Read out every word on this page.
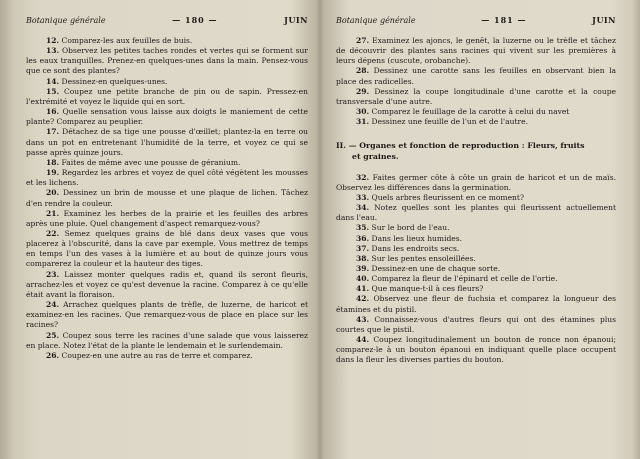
Botanique générale	— 180 —	JUIN

12. Comparez-les aux feuilles de buis.

13. Observez les petites taches rondes et vertes qui se forment sur les eaux tranquilles. Prenez-en quelques-unes dans la main. Pensez-vous que ce sont des plantes?

14. Dessinez-en quelques-unes.

15. Coupez une petite branche de pin ou de sapin. Pressez-en l'extrémité et voyez le liquide qui en sort.

16. Quelle sensation vous laisse aux doigts le maniement de cette plante? Comparez au peuplier.

17. Détachez de sa tige une pousse d'œillet; plantez-la en terre ou dans un pot en entretenant l'humidité de la terre, et voyez ce qui se passe après quinze jours.

18. Faites de même avec une pousse de géranium.

19. Regardez les arbres et voyez de quel côté végètent les mousses et les lichens.

20. Dessinez un brin de mousse et une plaque de lichen. Tâchez d'en rendre la couleur.

21. Examinez les herbes de la prairie et les feuilles des arbres après une pluie. Quel changement d'aspect remarquez-vous?

22. Semez quelques grains de blé dans deux vases que vous placerez à l'obscurité, dans la cave par exemple. Vous mettrez de temps en temps l'un des vases à la lumière et au bout de quinze jours vous comparerez la couleur et la hauteur des tiges.

23. Laissez monter quelques radis et, quand ils seront fleuris, arrachez-les et voyez ce qu'est devenue la racine. Comparez à ce qu'elle était avant la floraison.

24. Arrachez quelques plants de trèfle, de luzerne, de haricot et examinez-en les racines. Que remarquez-vous de place en place sur les racines?

25. Coupez sous terre les racines d'une salade que vous laisserez en place. Notez l'état de la plante le lendemain et le surlendemain.

26. Coupez-en une autre au ras de terre et comparez.

Botanique générale	— 181 —	JUIN

27. Examinez les ajoncs, le genêt, la luzerne ou le trèfle et tâchez de découvrir des plantes sans racines qui vivent sur les premières à leurs dépens (cuscute, orobanche).

28. Dessinez une carotte sans les feuilles en observant bien la place des radicelles.

29. Dessinez la coupe longitudinale d'une carotte et la coupe transversale d'une autre.

30. Comparez le feuillage de la carotte à celui du navet

31. Dessinez une feuille de l'un et de l'autre.

II. — Organes et fonction de reproduction : Fleurs, fruits
et graines.

32. Faites germer côte à côte un grain de haricot et un de maïs. Observez les différences dans la germination.

33. Quels arbres fleurissent en ce moment?

34. Notez quelles sont les plantes qui fleurissent actuellement dans l'eau.

35. Sur le bord de l'eau.

36. Dans les lieux humides.

37. Dans les endroits secs.

38. Sur les pentes ensoleillées.

39. Dessinez-en une de chaque sorte.

40. Comparez la fleur de l'épinard et celle de l'ortie.

41. Que manque-t-il à ces fleurs?

42. Observez une fleur de fuchsia et comparez la longueur des étamines et du pistil.

43. Connaissez-vous d'autres fleurs qui ont des étamines plus courtes que le pistil.

44. Coupez longitudinalement un bouton de ronce non épanoui; comparez-le à un bouton épanoui en indiquant quelle place occupent dans la fleur les diverses parties du bouton.
